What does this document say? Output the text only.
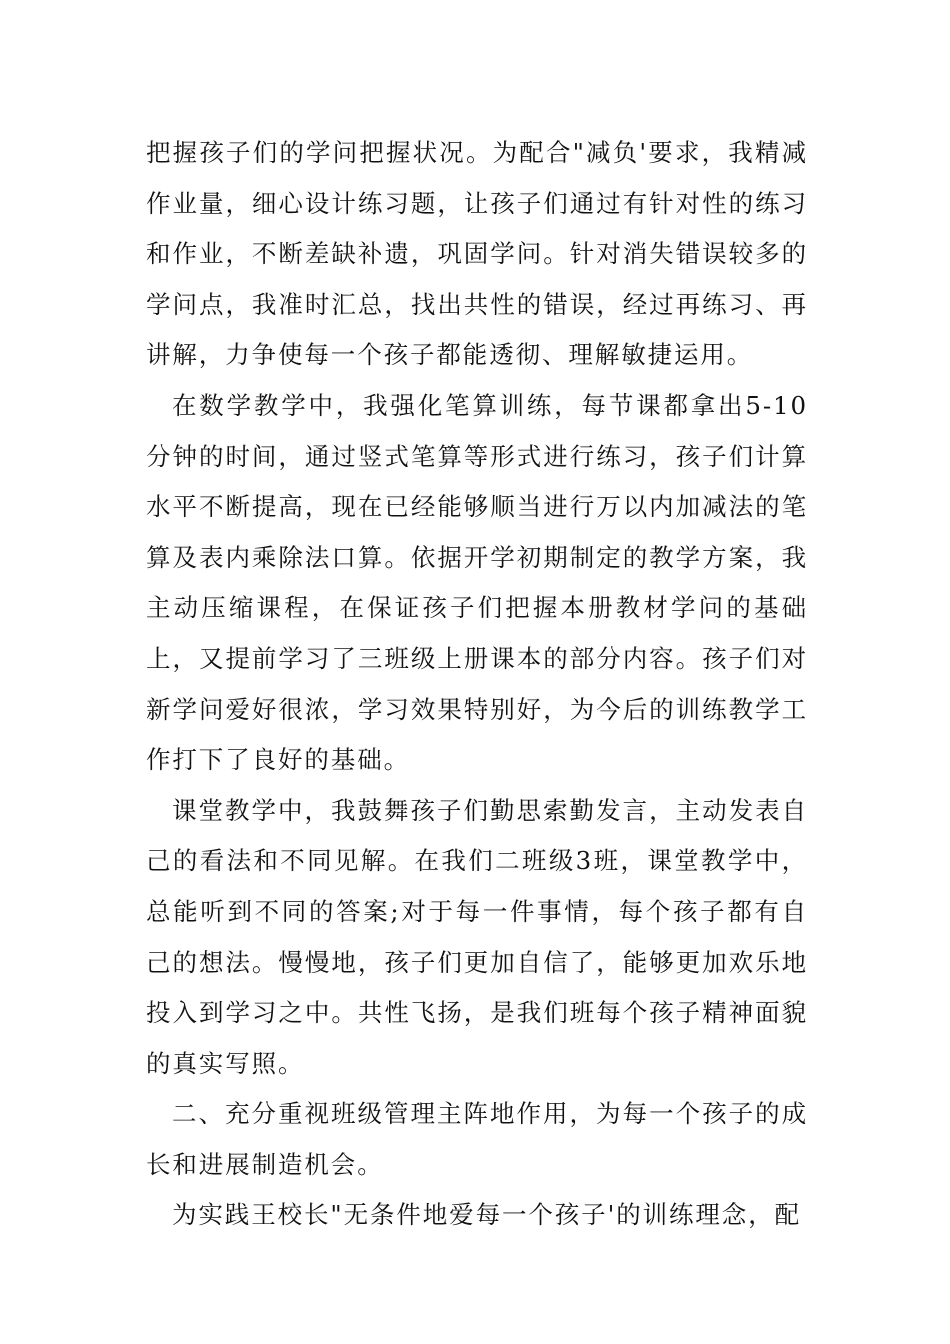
把握孩子们的学问把握状况。为配合"减负'要求，我精减作业量，细心设计练习题，让孩子们通过有针对性的练习和作业，不断差缺补遗，巩固学问。针对消失错误较多的学问点，我准时汇总，找出共性的错误，经过再练习、再讲解，力争使每一个孩子都能透彻、理解敏捷运用。

在数学教学中，我强化笔算训练，每节课都拿出5-10分钟的时间，通过竖式笔算等形式进行练习，孩子们计算水平不断提高，现在已经能够顺当进行万以内加减法的笔算及表内乘除法口算。依据开学初期制定的教学方案，我主动压缩课程，在保证孩子们把握本册教材学问的基础上，又提前学习了三班级上册课本的部分内容。孩子们对新学问爱好很浓，学习效果特别好，为今后的训练教学工作打下了良好的基础。

课堂教学中，我鼓舞孩子们勤思索勤发言，主动发表自己的看法和不同见解。在我们二班级3班，课堂教学中，总能听到不同的答案;对于每一件事情，每个孩子都有自己的想法。慢慢地，孩子们更加自信了，能够更加欢乐地投入到学习之中。共性飞扬，是我们班每个孩子精神面貌的真实写照。

二、充分重视班级管理主阵地作用，为每一个孩子的成长和进展制造机会。

为实践王校长"无条件地爱每一个孩子'的训练理念，配
